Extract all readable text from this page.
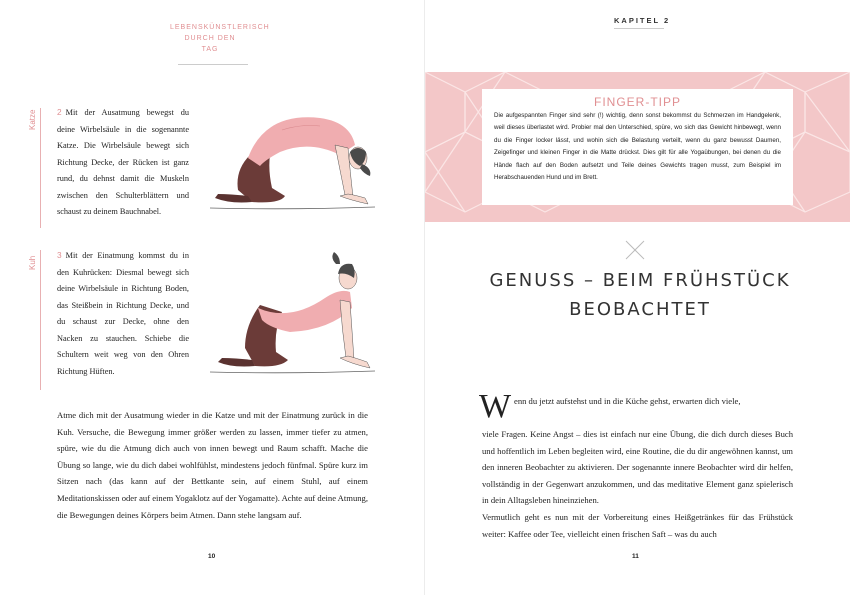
LEBENSKÜNSTLERISCH
DURCH DEN
TAG
Katze 2 Mit der Ausatmung bewegst du deine Wirbelsäule in die sogenannte Katze. Die Wirbelsäule bewegt sich Richtung Decke, der Rücken ist ganz rund, du dehnst damit die Muskeln zwischen den Schulterblättern und schaust zu deinem Bauchnabel.
Kuh
3 Mit der Einatmung kommst du in den Kuhrücken: Diesmal bewegt sich deine Wirbelsäule in Richtung Boden, das Steißbein in Richtung Decke, und du schaust zur Decke, ohne den Nacken zu stauchen. Schiebe die Schultern weit weg von den Ohren Richtung Hüften.

Atme dich mit der Ausatmung wieder in die Katze und mit der Einatmung zurück in die Kuh. Versuche, die Bewegung immer größer werden zu lassen, immer tiefer zu atmen, spüre, wie du die Atmung dich auch von innen bewegt und Raum schafft. Mache die Übung so lange, wie du dich dabei wohlfühlst, mindestens jedoch fünfmal. Spüre kurz im Sitzen nach (das kann auf der Bettkante sein, auf einem Stuhl, auf einem Meditationskissen oder auf einem Yogaklotz auf der Yogamatte). Achte auf deine Atmung, die Bewegungen deines Körpers beim Atmen. Dann stehe langsam auf.

10
KAPITEL 2
FINGER-TIPP
Die aufgespannten Finger sind sehr (!) wichtig, denn sonst bekommst du Schmerzen im Handgelenk, weil dieses überlastet wird. Probier mal den Unterschied, spüre, wo sich das Gewicht hinbewegt, wenn du die Finger locker lässt, und wohin sich die Belastung verteilt, wenn du ganz bewusst Daumen, Zeigefinger und kleinen Finger in die Matte drückst. Dies gilt für alle Yogaübungen, bei denen du die Hände flach auf den Boden aufsetzt und Teile deines Gewichts tragen musst, zum Beispiel im Herabschauenden Hund und im Brett.
GENUSS – BEIM FRÜHSTÜCK
BEOBACHTET
W enn du jetzt aufstehst und in die Küche gehst, erwarten dich viele,

viele Fragen. Keine Angst – dies ist einfach nur eine Übung, die dich durch dieses Buch und hoffentlich im Leben begleiten wird, eine Routine, die du dir angewöhnen kannst, um den inneren Beobachter zu aktivieren. Der sogenannte innere Beobachter wird dir helfen, vollständig in der Gegenwart anzukommen, und das meditative Element ganz spielerisch in dein Alltagsleben hineinziehen.

Vermutlich geht es nun mit der Vorbereitung eines Heißgetränkes für das Frühstück weiter: Kaffee oder Tee, vielleicht einen frischen Saft – was du auch

11
